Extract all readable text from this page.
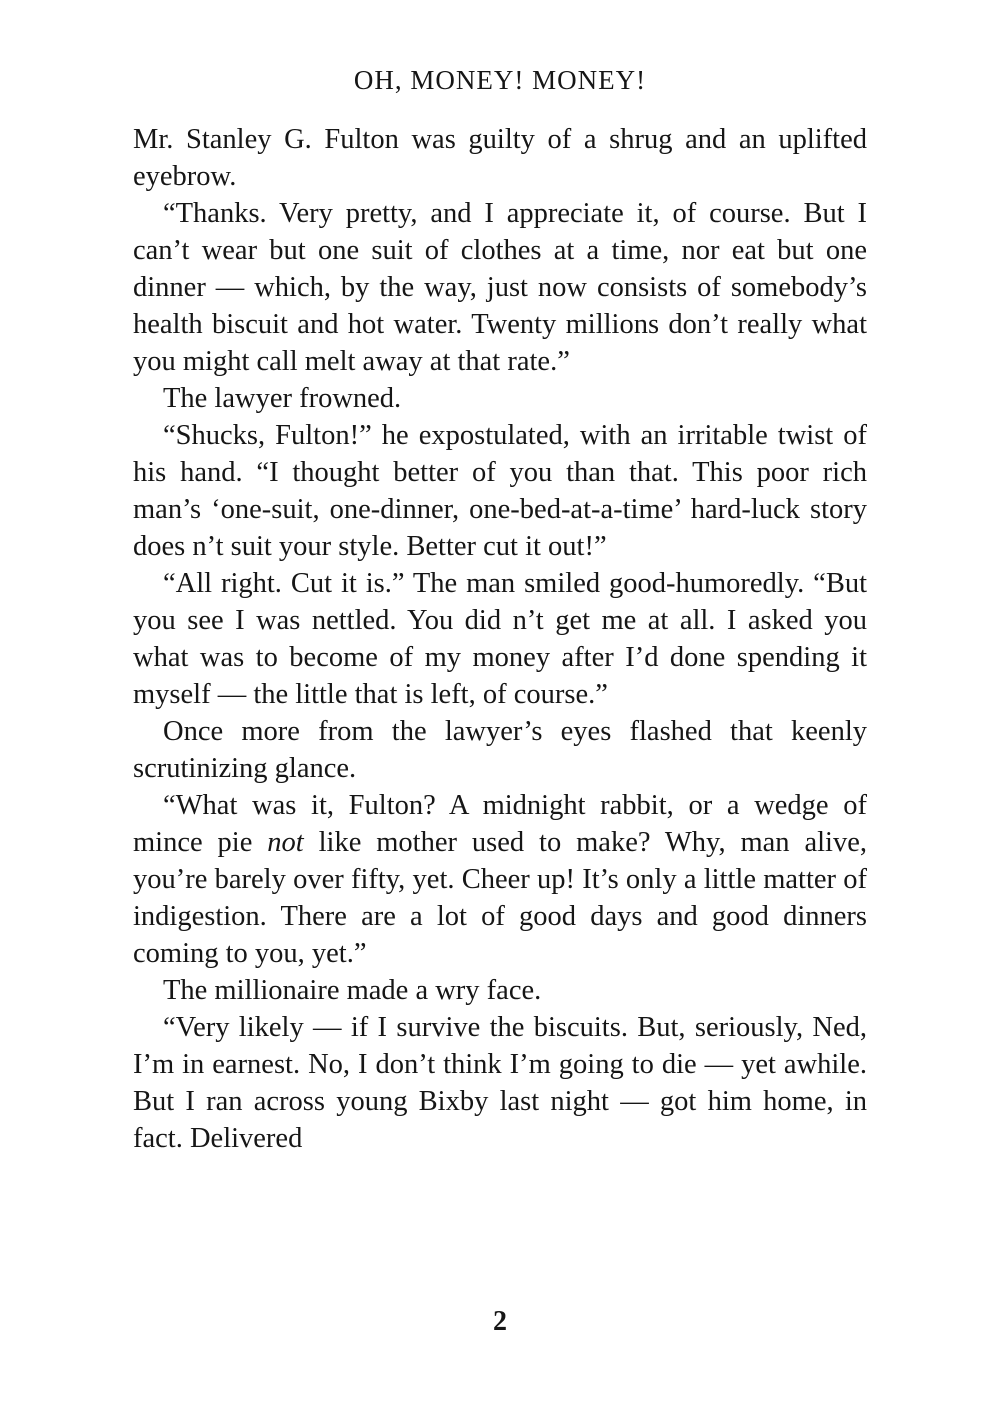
OH, MONEY! MONEY!

Mr. Stanley G. Fulton was guilty of a shrug and an uplifted eyebrow.

“Thanks. Very pretty, and I appreciate it, of course. But I can’t wear but one suit of clothes at a time, nor eat but one dinner — which, by the way, just now consists of somebody’s health biscuit and hot water. Twenty millions don’t really what you might call melt away at that rate.”

The lawyer frowned.

“Shucks, Fulton!” he expostulated, with an irritable twist of his hand. “I thought better of you than that. This poor rich man’s ‘one-suit, one-dinner, one-bed-at-a-time’ hard-luck story does n’t suit your style. Better cut it out!”

“All right. Cut it is.” The man smiled good-humoredly. “But you see I was nettled. You did n’t get me at all. I asked you what was to become of my money after I’d done spending it myself — the little that is left, of course.”

Once more from the lawyer’s eyes flashed that keenly scrutinizing glance.

“What was it, Fulton? A midnight rabbit, or a wedge of mince pie not like mother used to make? Why, man alive, you’re barely over fifty, yet. Cheer up! It’s only a little matter of indigestion. There are a lot of good days and good dinners coming to you, yet.”

The millionaire made a wry face.

“Very likely — if I survive the biscuits. But, seriously, Ned, I’m in earnest. No, I don’t think I’m going to die — yet awhile. But I ran across young Bixby last night — got him home, in fact. Delivered

2
